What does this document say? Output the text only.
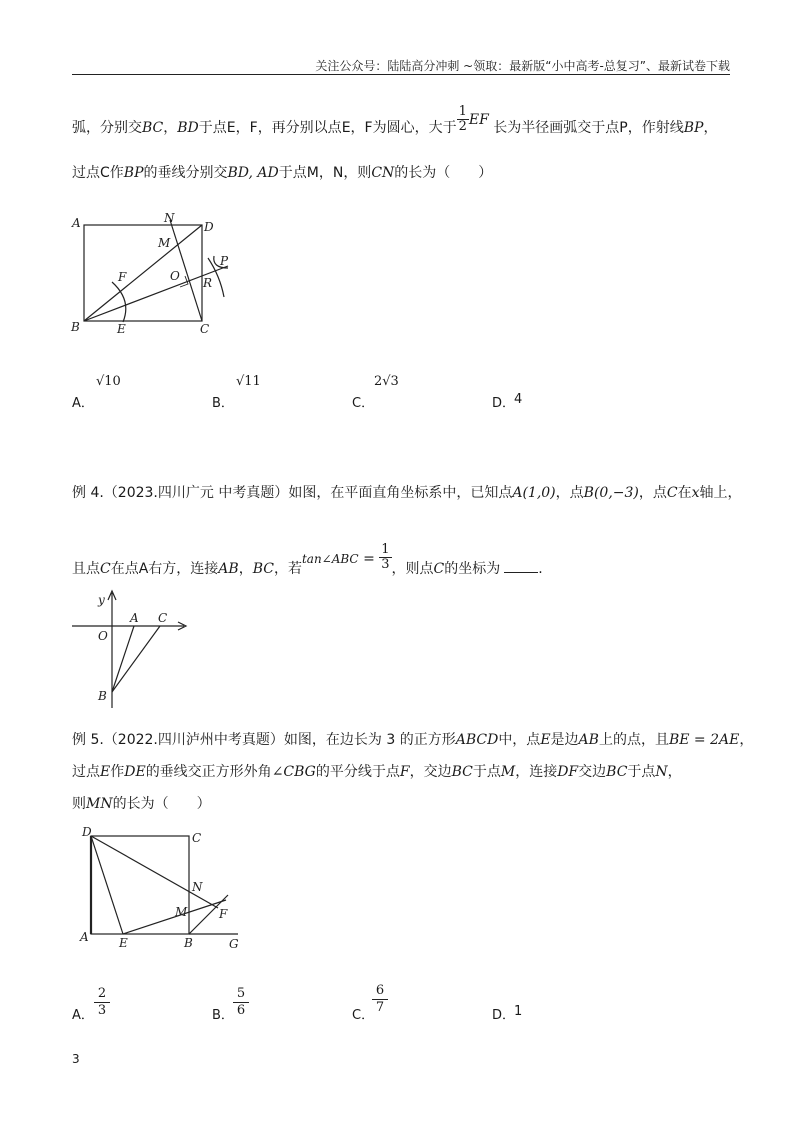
关注公众号：陆陆高分冲刺 ~领取：最新版“小中高考-总复习”、最新试卷下载
弧，分别交BC，BD于点E，F，再分别以点E，F为圆心，大于 $\frac{1}{2}$ EF 长为半径画弧交于点P，作射线BP，
过点C作BP的垂线分别交BD, AD于点M，N，则CN的长为（　　）
A	D
N
M
O
P
R
F
B	E	C
A．
√10
B．
√11
C．
2√3
D．
4
例 4.（2023.四川广元 中考真题）如图，在平面直角坐标系中，已知点A(1,0)，点B(0,−3)，点C在x轴上，
且点C在点A右方，连接AB，BC，若tan∠ABC = $\frac{1}{3}$ ，则点C的坐标为	.
y
A C
O
B
例 5.（2022.四川泸州中考真题）如图，在边长为 3 的正方形ABCD中，点E是边AB上的点，且BE = 2AE，
过点E作DE的垂线交正方形外角∠CBG的平分线于点F，交边BC于点M，连接DF交边BC于点N，
则MN的长为（　　）
D	C
N
M	F
A	E	B	G
A． $\frac{2}{3}$	B． $\frac{5}{6}$	C．
$\frac{6}{7}$	D．
1
3
